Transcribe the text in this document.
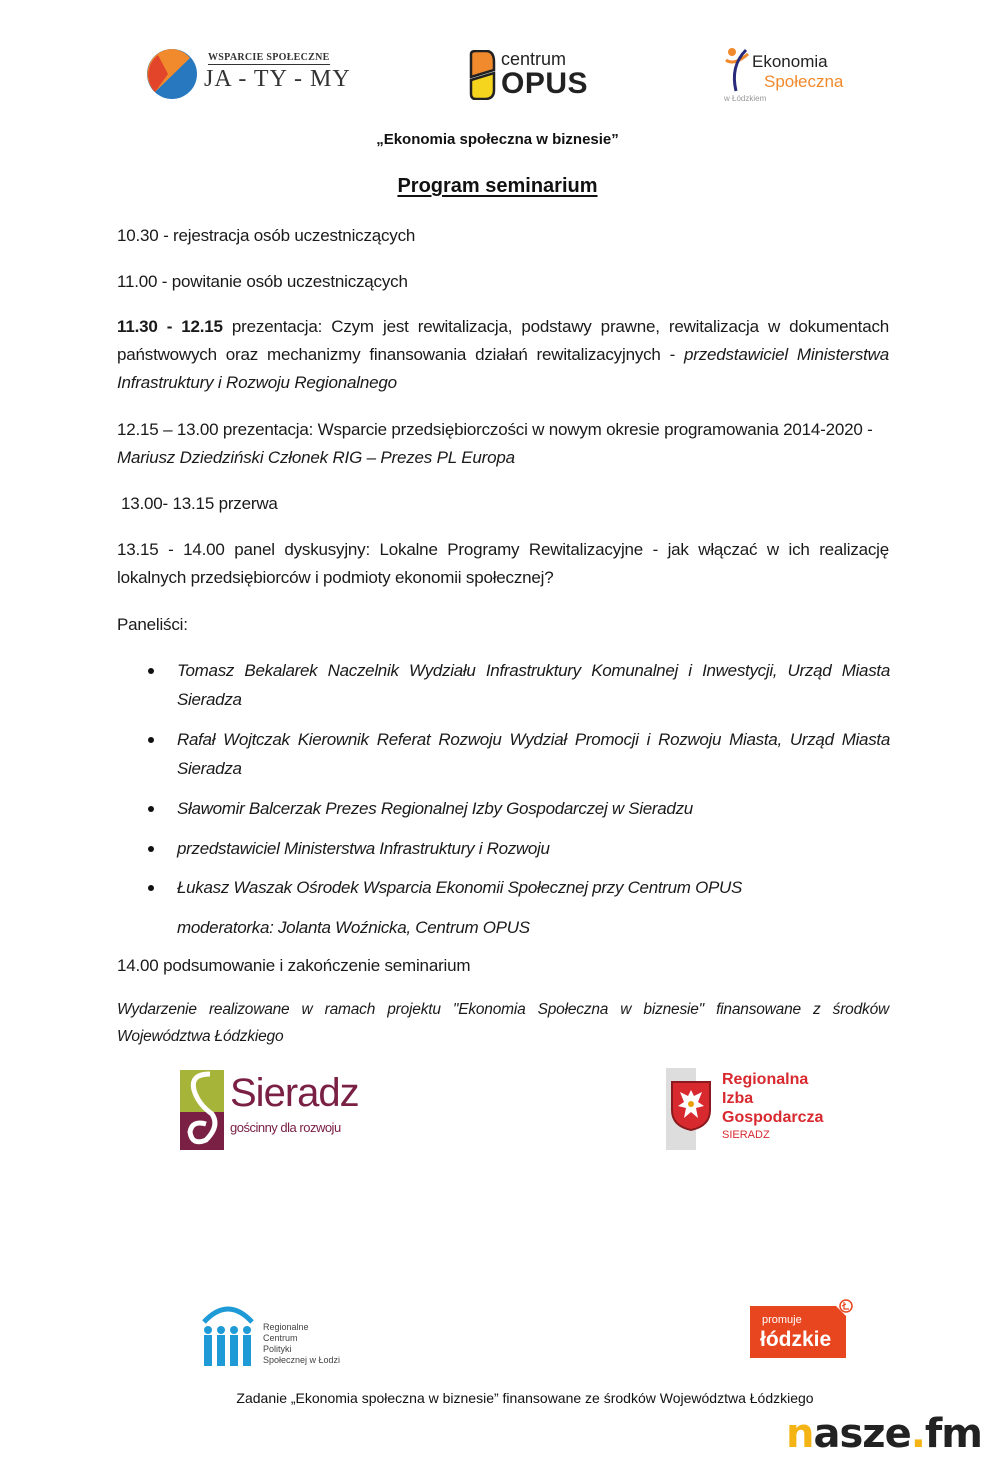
WSPARCIE SPOŁECZNE
JA - TY - MY
centrum
OPUS
Ekonomia
Społeczna
w Łódzkiem
„Ekonomia społeczna w biznesie”
Program seminarium
10.30 - rejestracja osób uczestniczących
11.00 - powitanie osób uczestniczących
11.30 - 12.15 prezentacja: Czym jest rewitalizacja, podstawy prawne, rewitalizacja w dokumentach państwowych oraz mechanizmy finansowania działań rewitalizacyjnych - przedstawiciel Ministerstwa Infrastruktury i Rozwoju Regionalnego
12.15 – 13.00 prezentacja: Wsparcie przedsiębiorczości w nowym okresie programowania 2014-2020 - Mariusz Dziedziński Członek RIG – Prezes PL Europa
13.00- 13.15 przerwa
13.15 - 14.00 panel dyskusyjny: Lokalne Programy Rewitalizacyjne - jak włączać w ich realizację lokalnych przedsiębiorców i podmioty ekonomii społecznej?
Paneliści:
Tomasz Bekalarek Naczelnik Wydziału Infrastruktury Komunalnej i Inwestycji, Urząd Miasta Sieradza
Rafał Wojtczak Kierownik Referat Rozwoju Wydział Promocji i Rozwoju Miasta, Urząd Miasta Sieradza
Sławomir Balcerzak Prezes Regionalnej Izby Gospodarczej w Sieradzu
przedstawiciel Ministerstwa Infrastruktury i Rozwoju
Łukasz Waszak Ośrodek Wsparcia Ekonomii Społecznej przy Centrum OPUS
moderatorka: Jolanta Woźnicka, Centrum OPUS
14.00 podsumowanie i zakończenie seminarium
Wydarzenie realizowane w ramach projektu "Ekonomia Społeczna w biznesie" finansowane z środków Województwa Łódzkiego
Sieradz
gościnny dla rozwoju
Regionalna
Izba
Gospodarcza
SIERADZ
Regionalne
Centrum
Polityki
Społecznej w Łodzi
promuje
łódzkie
Zadanie „Ekonomia społeczna w biznesie” finansowane ze środków Województwa Łódzkiego
nasze.fm
